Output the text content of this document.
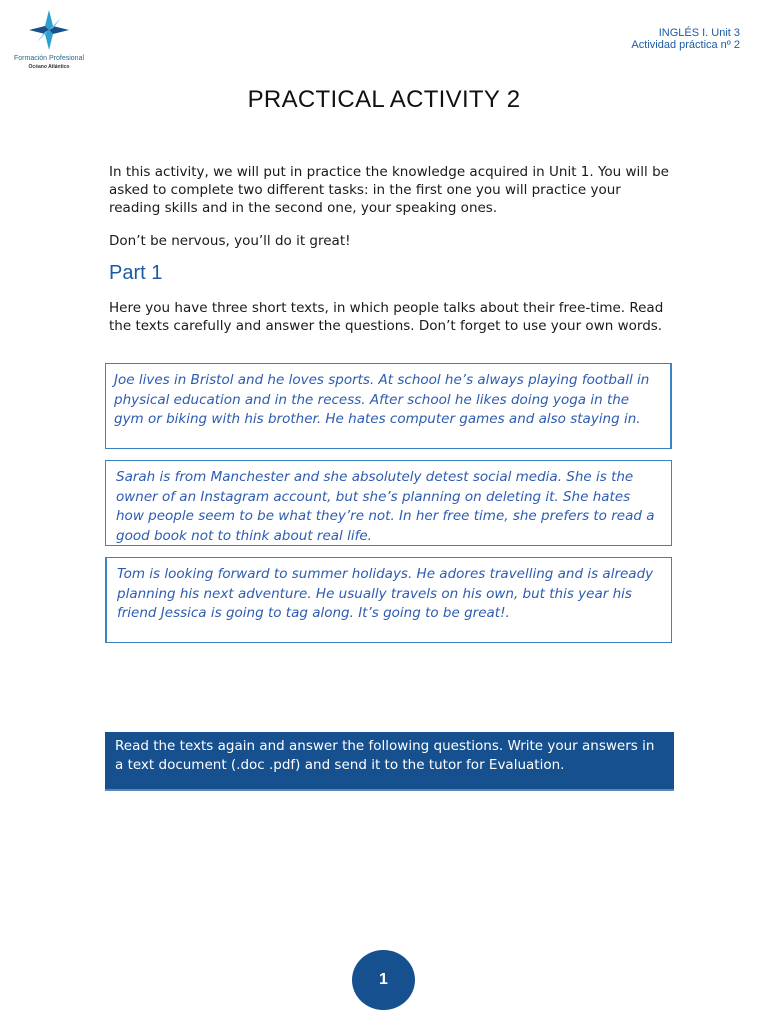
Formación Profesional
Océano Atlántico
INGLÉS I. Unit 3
Actividad práctica nº 2
PRACTICAL ACTIVITY 2
In this activity, we will put in practice the knowledge acquired in Unit 1. You will be asked to complete two different tasks: in the first one you will practice your reading skills and in the second one, your speaking ones.
Don’t be nervous, you’ll do it great!
Part 1
Here you have three short texts, in which people talks about their free-time. Read the texts carefully and answer the questions. Don’t forget to use your own words.
Joe lives in Bristol and he loves sports. At school he’s always playing football in physical education and in the recess. After school he likes doing yoga in the gym or biking with his brother. He hates computer games and also staying in.
Sarah is from Manchester and she absolutely detest social media. She is the owner of an Instagram account, but she’s planning on deleting it. She hates how people seem to be what they’re not. In her free time, she prefers to read a good book not to think about real life.
Tom is looking forward to summer holidays. He adores travelling and is already planning his next adventure. He usually travels on his own, but this year his friend Jessica is going to tag along. It’s going to be great!.
Read the texts again and answer the following questions. Write your answers in a text document (.doc .pdf) and send it to the tutor for Evaluation.
1
